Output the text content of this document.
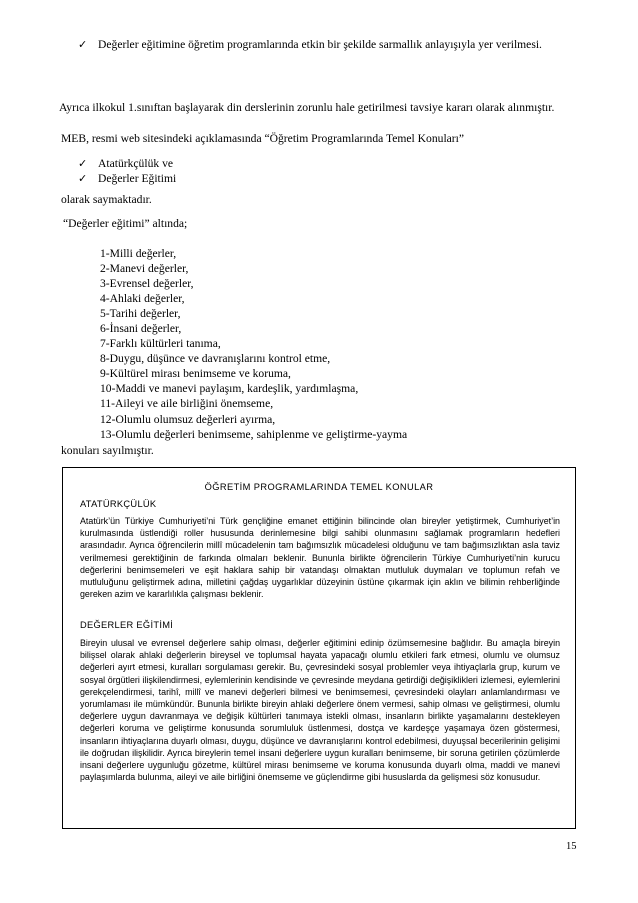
✓ Değerler eğitimine öğretim programlarında etkin bir şekilde sarmallık anlayışıyla yer verilmesi.
Ayrıca ilkokul 1.sınıftan başlayarak din derslerinin zorunlu hale getirilmesi tavsiye kararı olarak alınmıştır.
MEB, resmi web sitesindeki açıklamasında “Öğretim Programlarında Temel Konuları”
✓ Atatürkçülük ve
✓ Değerler Eğitimi
olarak saymaktadır.
“Değerler eğitimi” altında;
1-Milli değerler,
2-Manevi değerler,
3-Evrensel değerler,
4-Ahlaki değerler,
5-Tarihi değerler,
6-İnsani değerler,
7-Farklı kültürleri tanıma,
8-Duygu, düşünce ve davranışlarını kontrol etme,
9-Kültürel mirası benimseme ve koruma,
10-Maddi ve manevi paylaşım, kardeşlik, yardımlaşma,
11-Aileyi ve aile birliğini önemseme,
12-Olumlu olumsuz değerleri ayırma,
13-Olumlu değerleri benimseme, sahiplenme ve geliştirme-yayma
konuları sayılmıştır.
ÖĞRETİM PROGRAMLARINDA TEMEL KONULAR
ATATÜRKÇÜLÜK

Atatürk’ün Türkiye Cumhuriyeti’ni Türk gençliğine emanet ettiğinin bilincinde olan bireyler yetiştirmek, Cumhuriyet’in kurulmasında üstlendiği roller hususunda derinlemesine bilgi sahibi olunmasını sağlamak programların hedefleri arasındadır. Ayrıca öğrencilerin millî mücadelenin tam bağımsızlık mücadelesi olduğunu ve tam bağımsızlıktan asla taviz verilmemesi gerektiğinin de farkında olmaları beklenir. Bununla birlikte öğrencilerin Türkiye Cumhuriyeti’nin kurucu değerlerini benimsemeleri ve eşit haklara sahip bir vatandaşı olmaktan mutluluk duymaları ve toplumun refah ve mutluluğunu geliştirmek adına, milletini çağdaş uygarlıklar düzeyinin üstüne çıkarmak için aklın ve bilimin rehberliğinde gereken azim ve kararlılıkla çalışması beklenir.

DEĞERLER EĞİTİMİ

Bireyin ulusal ve evrensel değerlere sahip olması, değerler eğitimini edinip özümsemesine bağlıdır. Bu amaçla bireyin bilişsel olarak ahlaki değerlerin bireysel ve toplumsal hayata yapacağı olumlu etkileri fark etmesi, olumlu ve olumsuz değerleri ayırt etmesi, kuralları sorgulaması gerekir. Bu, çevresindeki sosyal problemler veya ihtiyaçlarla grup, kurum ve sosyal örgütleri ilişkilendirmesi, eylemlerinin kendisinde ve çevresinde meydana getirdiği değişiklikleri izlemesi, eylemlerini gerekçelendirmesi, tarihî, millî ve manevi değerleri bilmesi ve benimsemesi, çevresindeki olayları anlamlandırması ve yorumlaması ile mümkündür. Bununla birlikte bireyin ahlaki değerlere önem vermesi, sahip olması ve geliştirmesi, olumlu değerlere uygun davranmaya ve değişik kültürleri tanımaya istekli olması, insanların birlikte yaşamalarını destekleyen değerleri koruma ve geliştirme konusunda sorumluluk üstlenmesi, dostça ve kardeşçe yaşamaya özen göstermesi, insanların ihtiyaçlarına duyarlı olması, duygu, düşünce ve davranışlarını kontrol edebilmesi, duyuşsal becerilerinin gelişimi ile doğrudan ilişkilidir. Ayrıca bireylerin temel insani değerlere uygun kuralları benimseme, bir soruna getirilen çözümlerde insani değerlere uygunluğu gözetme, kültürel mirası benimseme ve koruma konusunda duyarlı olma, maddi ve manevi paylaşımlarda bulunma, aileyi ve aile birliğini önemseme ve güçlendirme gibi hususlarda da gelişmesi söz konusudur.

15
